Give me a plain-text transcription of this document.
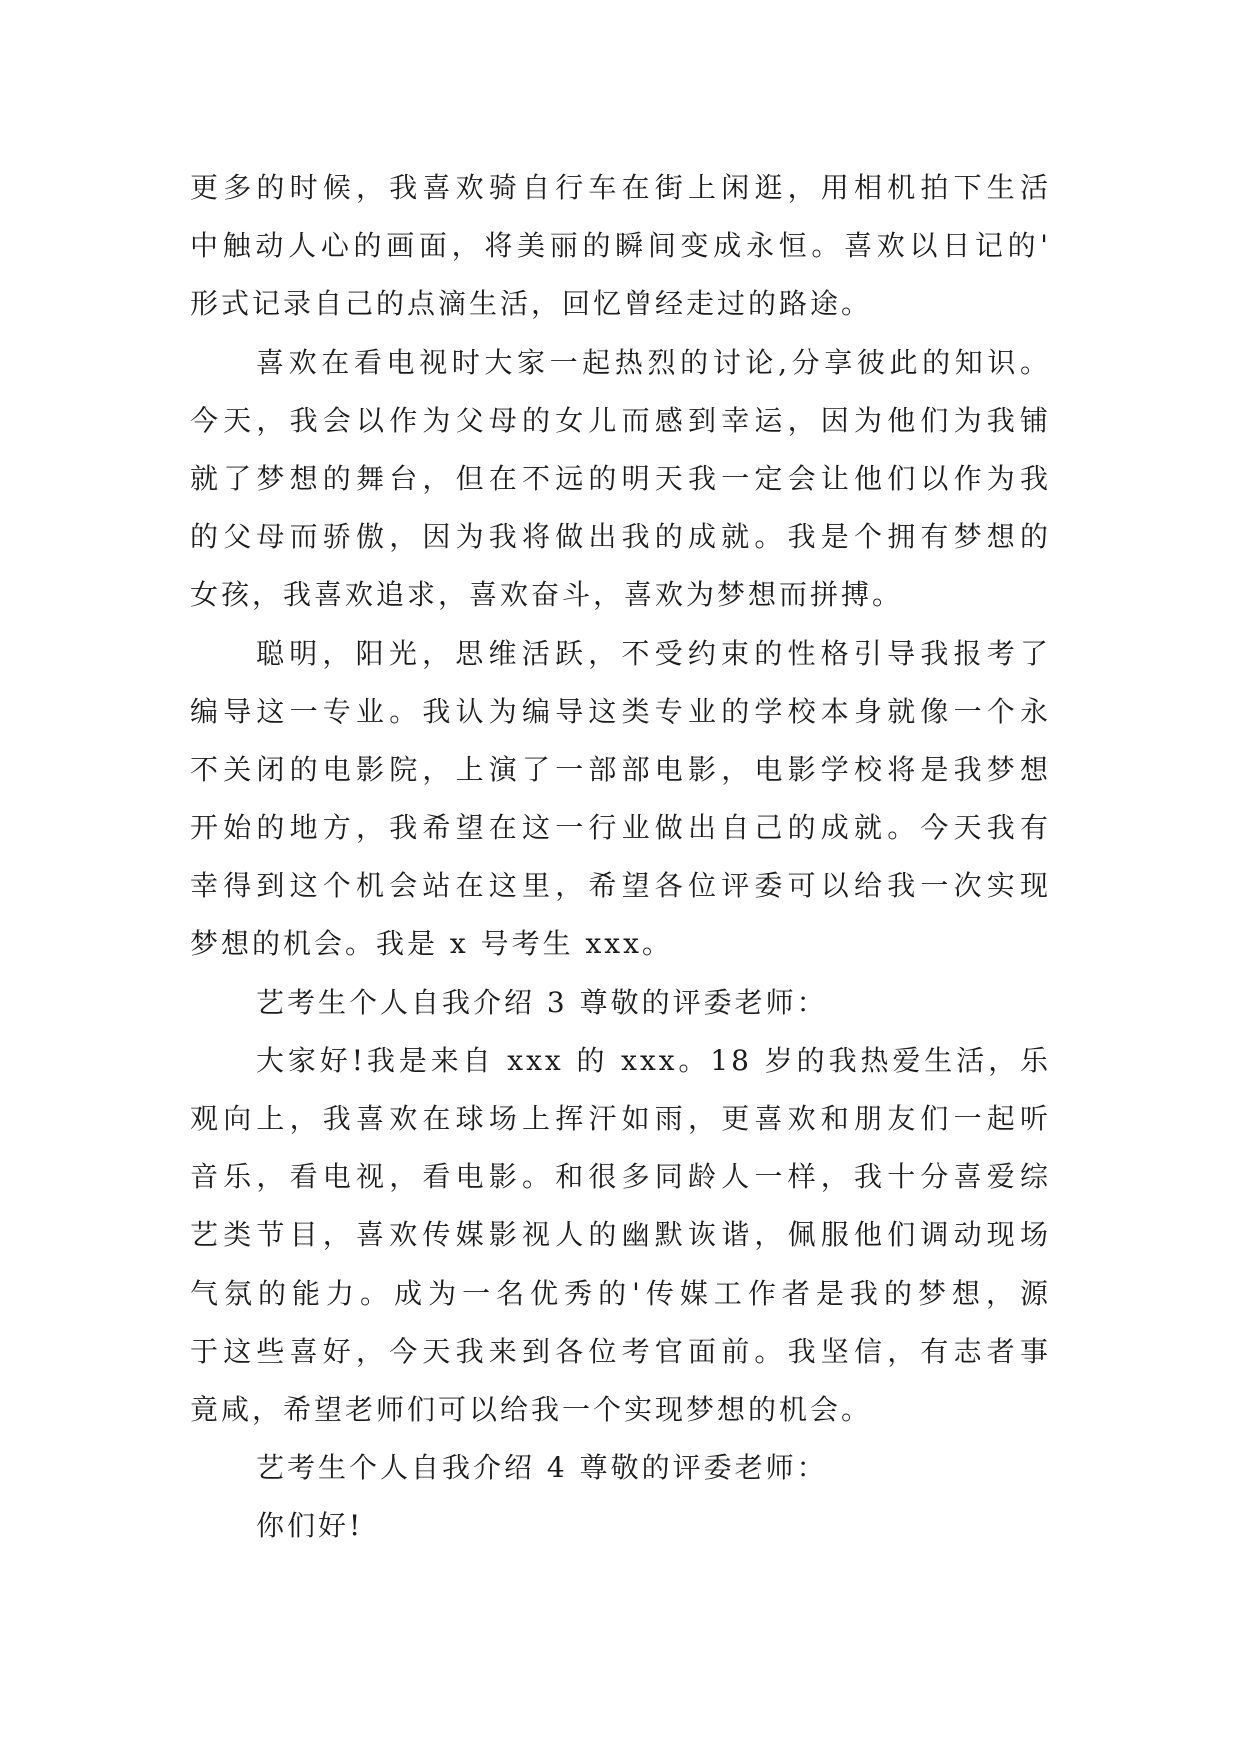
更多的时候，我喜欢骑自行车在街上闲逛，用相机拍下生活
中触动人心的画面，将美丽的瞬间变成永恒。喜欢以日记的'
形式记录自己的点滴生活，回忆曾经走过的路途。
喜欢在看电视时大家一起热烈的讨论,分享彼此的知识。
今天，我会以作为父母的女儿而感到幸运，因为他们为我铺
就了梦想的舞台，但在不远的明天我一定会让他们以作为我
的父母而骄傲，因为我将做出我的成就。我是个拥有梦想的
女孩，我喜欢追求，喜欢奋斗，喜欢为梦想而拼搏。
聪明，阳光，思维活跃，不受约束的性格引导我报考了
编导这一专业。我认为编导这类专业的学校本身就像一个永
不关闭的电影院，上演了一部部电影，电影学校将是我梦想
开始的地方，我希望在这一行业做出自己的成就。今天我有
幸得到这个机会站在这里，希望各位评委可以给我一次实现
梦想的机会。我是 x 号考生 xxx。
艺考生个人自我介绍 3 尊敬的评委老师：
大家好!我是来自 xxx 的 xxx。18 岁的我热爱生活，乐
观向上，我喜欢在球场上挥汗如雨，更喜欢和朋友们一起听
音乐，看电视，看电影。和很多同龄人一样，我十分喜爱综
艺类节目，喜欢传媒影视人的幽默诙谐，佩服他们调动现场
气氛的能力。成为一名优秀的'传媒工作者是我的梦想，源
于这些喜好，今天我来到各位考官面前。我坚信，有志者事
竟咸，希望老师们可以给我一个实现梦想的机会。
艺考生个人自我介绍 4 尊敬的评委老师：
你们好!
